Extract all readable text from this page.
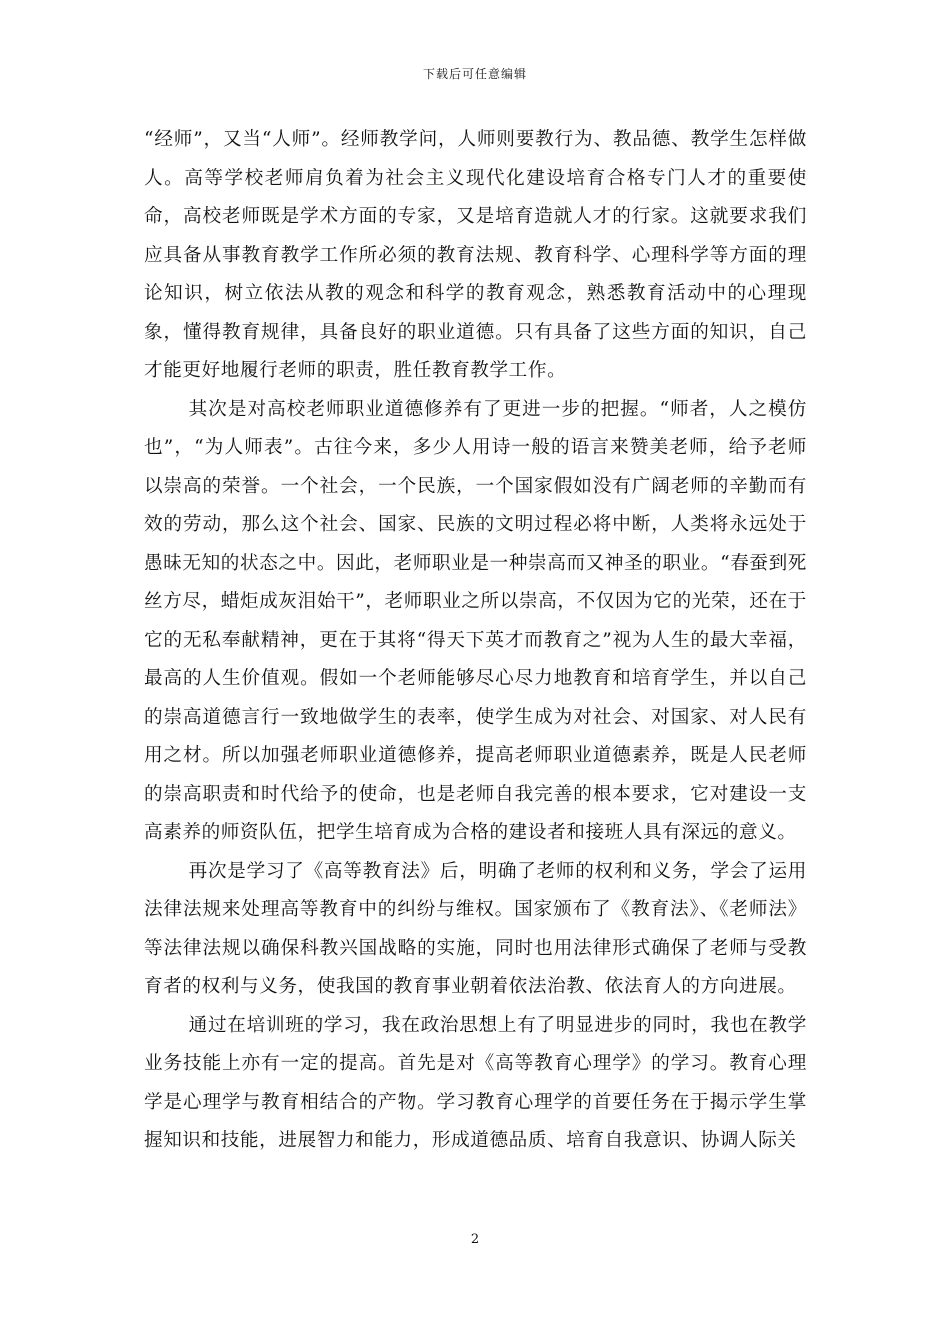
下载后可任意编辑

“经师”，又当“人师”。经师教学问，人师则要教行为、教品德、教学生怎样做人。高等学校老师肩负着为社会主义现代化建设培育合格专门人才的重要使命，高校老师既是学术方面的专家，又是培育造就人才的行家。这就要求我们应具备从事教育教学工作所必须的教育法规、教育科学、心理科学等方面的理论知识，树立依法从教的观念和科学的教育观念，熟悉教育活动中的心理现象，懂得教育规律，具备良好的职业道德。只有具备了这些方面的知识，自己才能更好地履行老师的职责，胜任教育教学工作。

其次是对高校老师职业道德修养有了更进一步的把握。“师者，人之模仿也”，“为人师表”。古往今来，多少人用诗一般的语言来赞美老师，给予老师以崇高的荣誉。一个社会，一个民族，一个国家假如没有广阔老师的辛勤而有效的劳动，那么这个社会、国家、民族的文明过程必将中断，人类将永远处于愚昧无知的状态之中。因此，老师职业是一种崇高而又神圣的职业。“春蚕到死丝方尽，蜡炬成灰泪始干”，老师职业之所以崇高，不仅因为它的光荣，还在于它的无私奉献精神，更在于其将“得天下英才而教育之”视为人生的最大幸福，最高的人生价值观。假如一个老师能够尽心尽力地教育和培育学生，并以自己的崇高道德言行一致地做学生的表率，使学生成为对社会、对国家、对人民有用之材。所以加强老师职业道德修养，提高老师职业道德素养，既是人民老师的崇高职责和时代给予的使命，也是老师自我完善的根本要求，它对建设一支高素养的师资队伍，把学生培育成为合格的建设者和接班人具有深远的意义。

再次是学习了《高等教育法》后，明确了老师的权利和义务，学会了运用法律法规来处理高等教育中的纠纷与维权。国家颁布了《教育法》、《老师法》等法律法规以确保科教兴国战略的实施，同时也用法律形式确保了老师与受教育者的权利与义务，使我国的教育事业朝着依法治教、依法育人的方向进展。

通过在培训班的学习，我在政治思想上有了明显进步的同时，我也在教学业务技能上亦有一定的提高。首先是对《高等教育心理学》的学习。教育心理学是心理学与教育相结合的产物。学习教育心理学的首要任务在于揭示学生掌握知识和技能，进展智力和能力，形成道德品质、培育自我意识、协调人际关

2
